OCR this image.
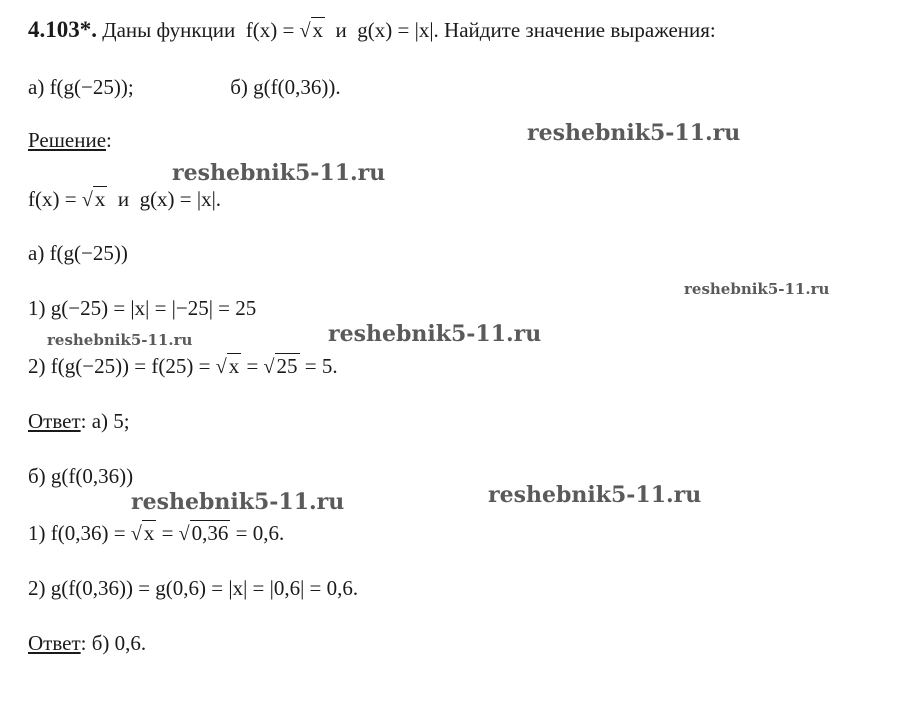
4.103*. Даны функции f(x) = √x и g(x) = |x|. Найдите значение выражения:
а) f(g(−25));	б) g(f(0,36)).
Решение:
f(x) = √x и g(x) = |x|.
а) f(g(−25))
1) g(−25) = |x| = |−25| = 25
2) f(g(−25)) = f(25) = √x = √25 = 5.
Ответ: а) 5;
б) g(f(0,36))
1) f(0,36) = √x = √0,36 = 0,6.
2) g(f(0,36)) = g(0,6) = |x| = |0,6| = 0,6.
Ответ: б) 0,6.
reshebnik5-11.ru
reshebnik5-11.ru
reshebnik5-11.ru
reshebnik5-11.ru
reshebnik5-11.ru
reshebnik5-11.ru
reshebnik5-11.ru
